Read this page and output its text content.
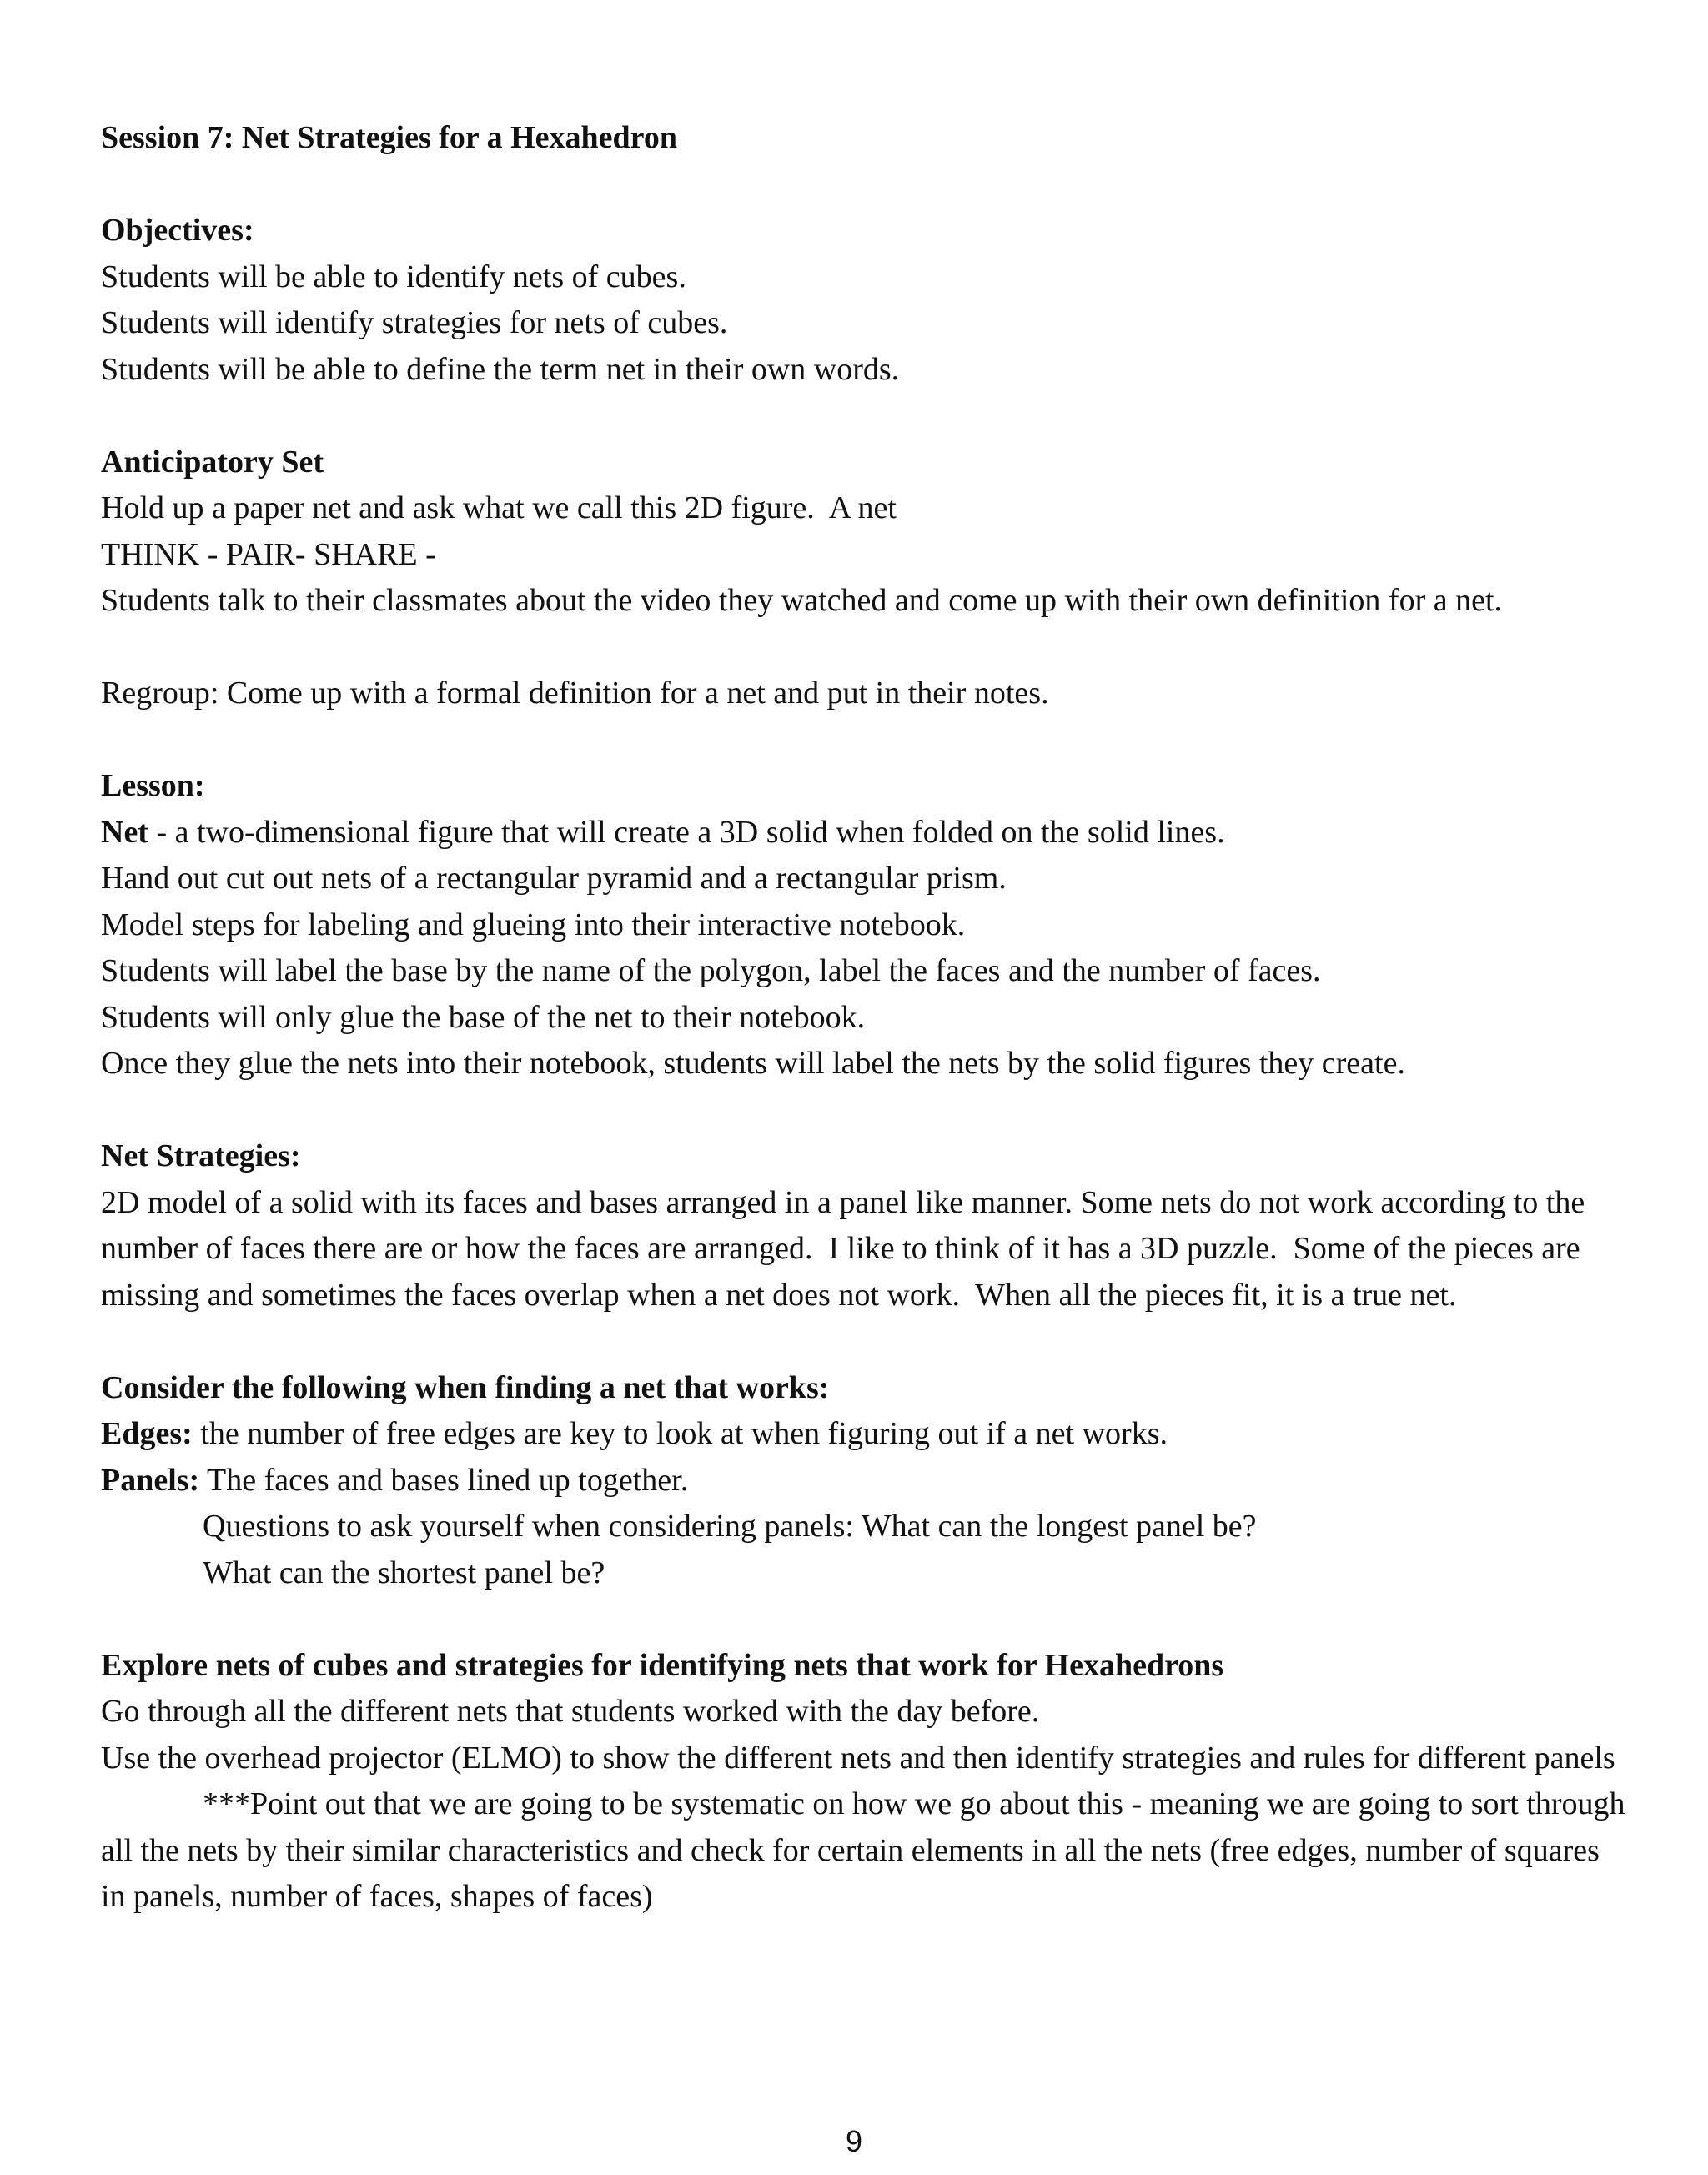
Session 7: Net Strategies for a Hexahedron
Objectives:
Students will be able to identify nets of cubes.
Students will identify strategies for nets of cubes.
Students will be able to define the term net in their own words.
Anticipatory Set
Hold up a paper net and ask what we call this 2D figure.  A net
THINK - PAIR- SHARE -
Students talk to their classmates about the video they watched and come up with their own definition for a net.
Regroup: Come up with a formal definition for a net and put in their notes.
Lesson:
Net - a two-dimensional figure that will create a 3D solid when folded on the solid lines.
Hand out cut out nets of a rectangular pyramid and a rectangular prism.
Model steps for labeling and glueing into their interactive notebook.
Students will label the base by the name of the polygon, label the faces and the number of faces.
Students will only glue the base of the net to their notebook.
Once they glue the nets into their notebook, students will label the nets by the solid figures they create.
Net Strategies:
2D model of a solid with its faces and bases arranged in a panel like manner. Some nets do not work according to the number of faces there are or how the faces are arranged.  I like to think of it has a 3D puzzle.  Some of the pieces are missing and sometimes the faces overlap when a net does not work.  When all the pieces fit, it is a true net.
Consider the following when finding a net that works:
Edges: the number of free edges are key to look at when figuring out if a net works.
Panels: The faces and bases lined up together.
Questions to ask yourself when considering panels: What can the longest panel be?
What can the shortest panel be?
Explore nets of cubes and strategies for identifying nets that work for Hexahedrons
Go through all the different nets that students worked with the day before.
Use the overhead projector (ELMO) to show the different nets and then identify strategies and rules for different panels
***Point out that we are going to be systematic on how we go about this - meaning we are going to sort through all the nets by their similar characteristics and check for certain elements in all the nets (free edges, number of squares in panels, number of faces, shapes of faces)
9
